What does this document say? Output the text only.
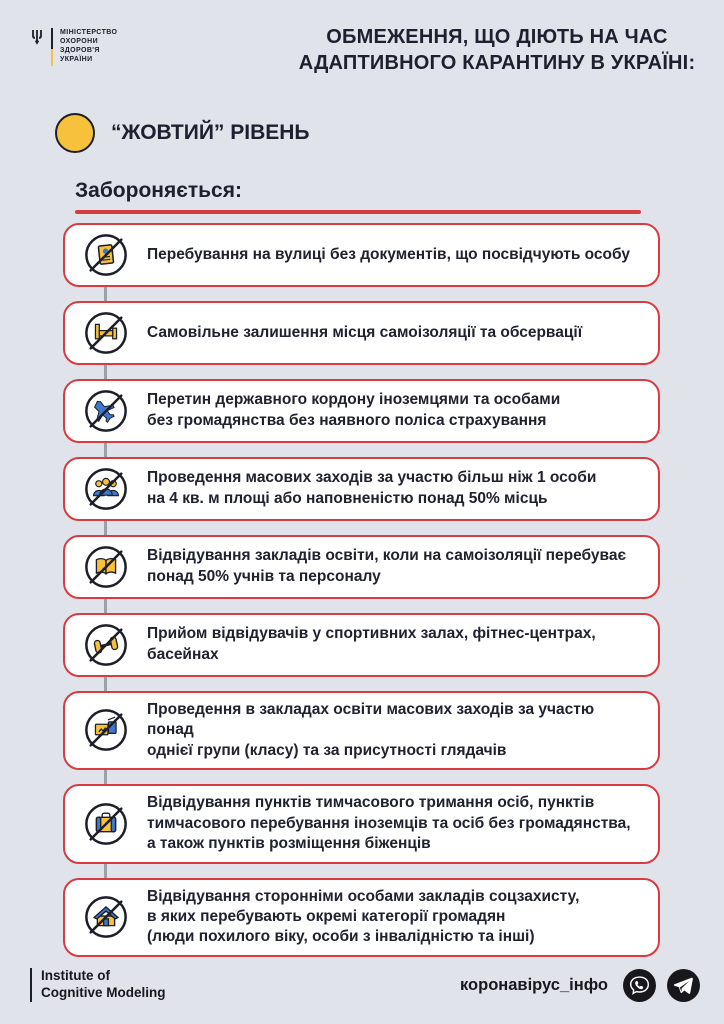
МІНІСТЕРСТВО
ОХОРОНИ
ЗДОРОВ'Я
УКРАЇНИ
ОБМЕЖЕННЯ, ЩО ДІЮТЬ НА ЧАС
АДАПТИВНОГО КАРАНТИНУ В УКРАЇНІ:
“ЖОВТИЙ” РІВЕНЬ
Забороняється:
Перебування на вулиці без документів, що посвідчують особу
Самовільне залишення місця самоізоляції та обсервації
Перетин державного кордону іноземцями та особами
без громадянства без наявного поліса страхування
Проведення масових заходів за участю більш ніж 1 особи
на 4 кв. м площі або наповненістю понад 50% місць
Відвідування закладів освіти, коли на самоізоляції перебуває
понад 50% учнів та персоналу
Прийом відвідувачів у спортивних залах, фітнес-центрах, басейнах
Проведення в закладах освіти масових заходів за участю понад
однієї групи (класу) та за присутності глядачів
Відвідування пунктів тимчасового тримання осіб, пунктів
тимчасового перебування іноземців та осіб без громадянства,
а також пунктів розміщення біженців
Відвідування сторонніми особами закладів соцзахисту,
в яких перебувають окремі категорії громадян
(люди похилого віку, особи з інвалідністю та інші)
Institute of
Cognitive Modeling	коронавірус_інфо
